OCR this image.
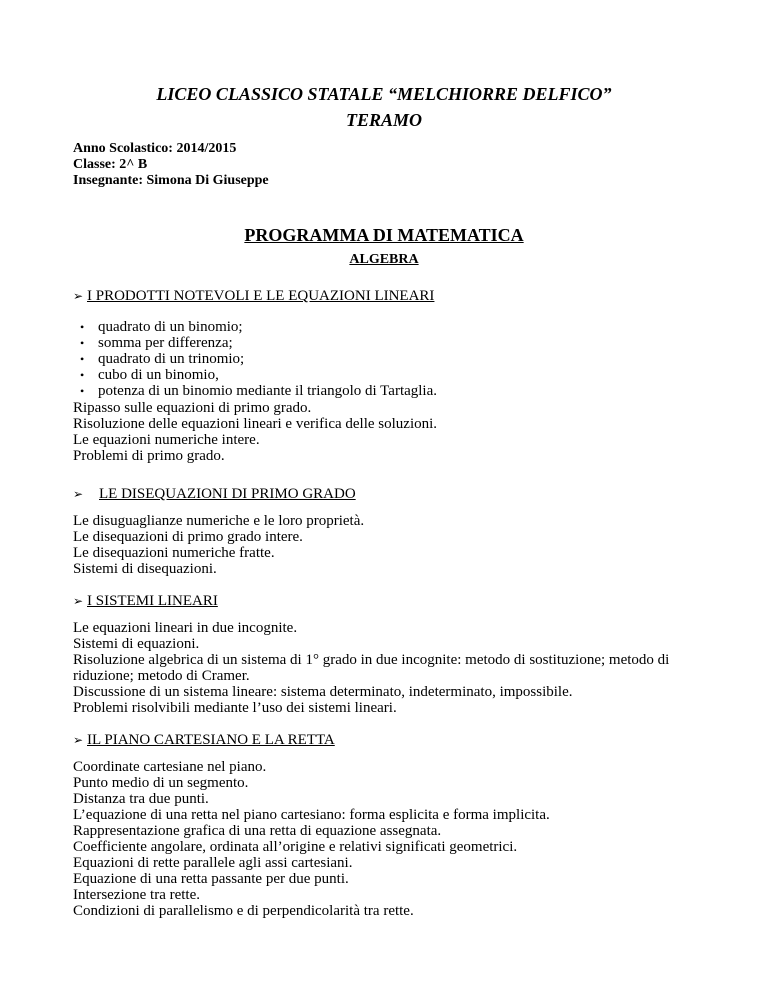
LICEO CLASSICO STATALE “MELCHIORRE DELFICO”
TERAMO
Anno Scolastico: 2014/2015
Classe: 2^ B
Insegnante: Simona Di Giuseppe
PROGRAMMA DI MATEMATICA
ALGEBRA
➢ I PRODOTTI NOTEVOLI E LE EQUAZIONI LINEARI
• quadrato di un binomio;
• somma per differenza;
• quadrato di un trinomio;
• cubo di un binomio,
• potenza di un binomio mediante il triangolo di Tartaglia.
Ripasso sulle equazioni di primo grado.
Risoluzione delle equazioni lineari e verifica delle soluzioni.
Le equazioni numeriche intere.
Problemi di primo grado.
➢ LE DISEQUAZIONI DI PRIMO GRADO
Le disuguaglianze numeriche e le loro proprietà.
Le disequazioni di primo grado intere.
Le disequazioni numeriche fratte.
Sistemi di disequazioni.
➢ I SISTEMI LINEARI
Le equazioni lineari in due incognite.
Sistemi di equazioni.
Risoluzione algebrica di un sistema di 1° grado in due incognite: metodo di sostituzione; metodo di
riduzione; metodo di Cramer.
Discussione di un sistema lineare: sistema determinato, indeterminato, impossibile.
Problemi risolvibili mediante l’uso dei sistemi lineari.
➢ IL PIANO CARTESIANO E LA RETTA
Coordinate cartesiane nel piano.
Punto medio di un segmento.
Distanza tra due punti.
L’equazione di una retta nel piano cartesiano: forma esplicita e forma implicita.
Rappresentazione grafica di una retta di equazione assegnata.
Coefficiente angolare, ordinata all’origine e relativi significati geometrici.
Equazioni di rette parallele agli assi cartesiani.
Equazione di una retta passante per due punti.
Intersezione tra rette.
Condizioni di parallelismo e di perpendicolarità tra rette.
